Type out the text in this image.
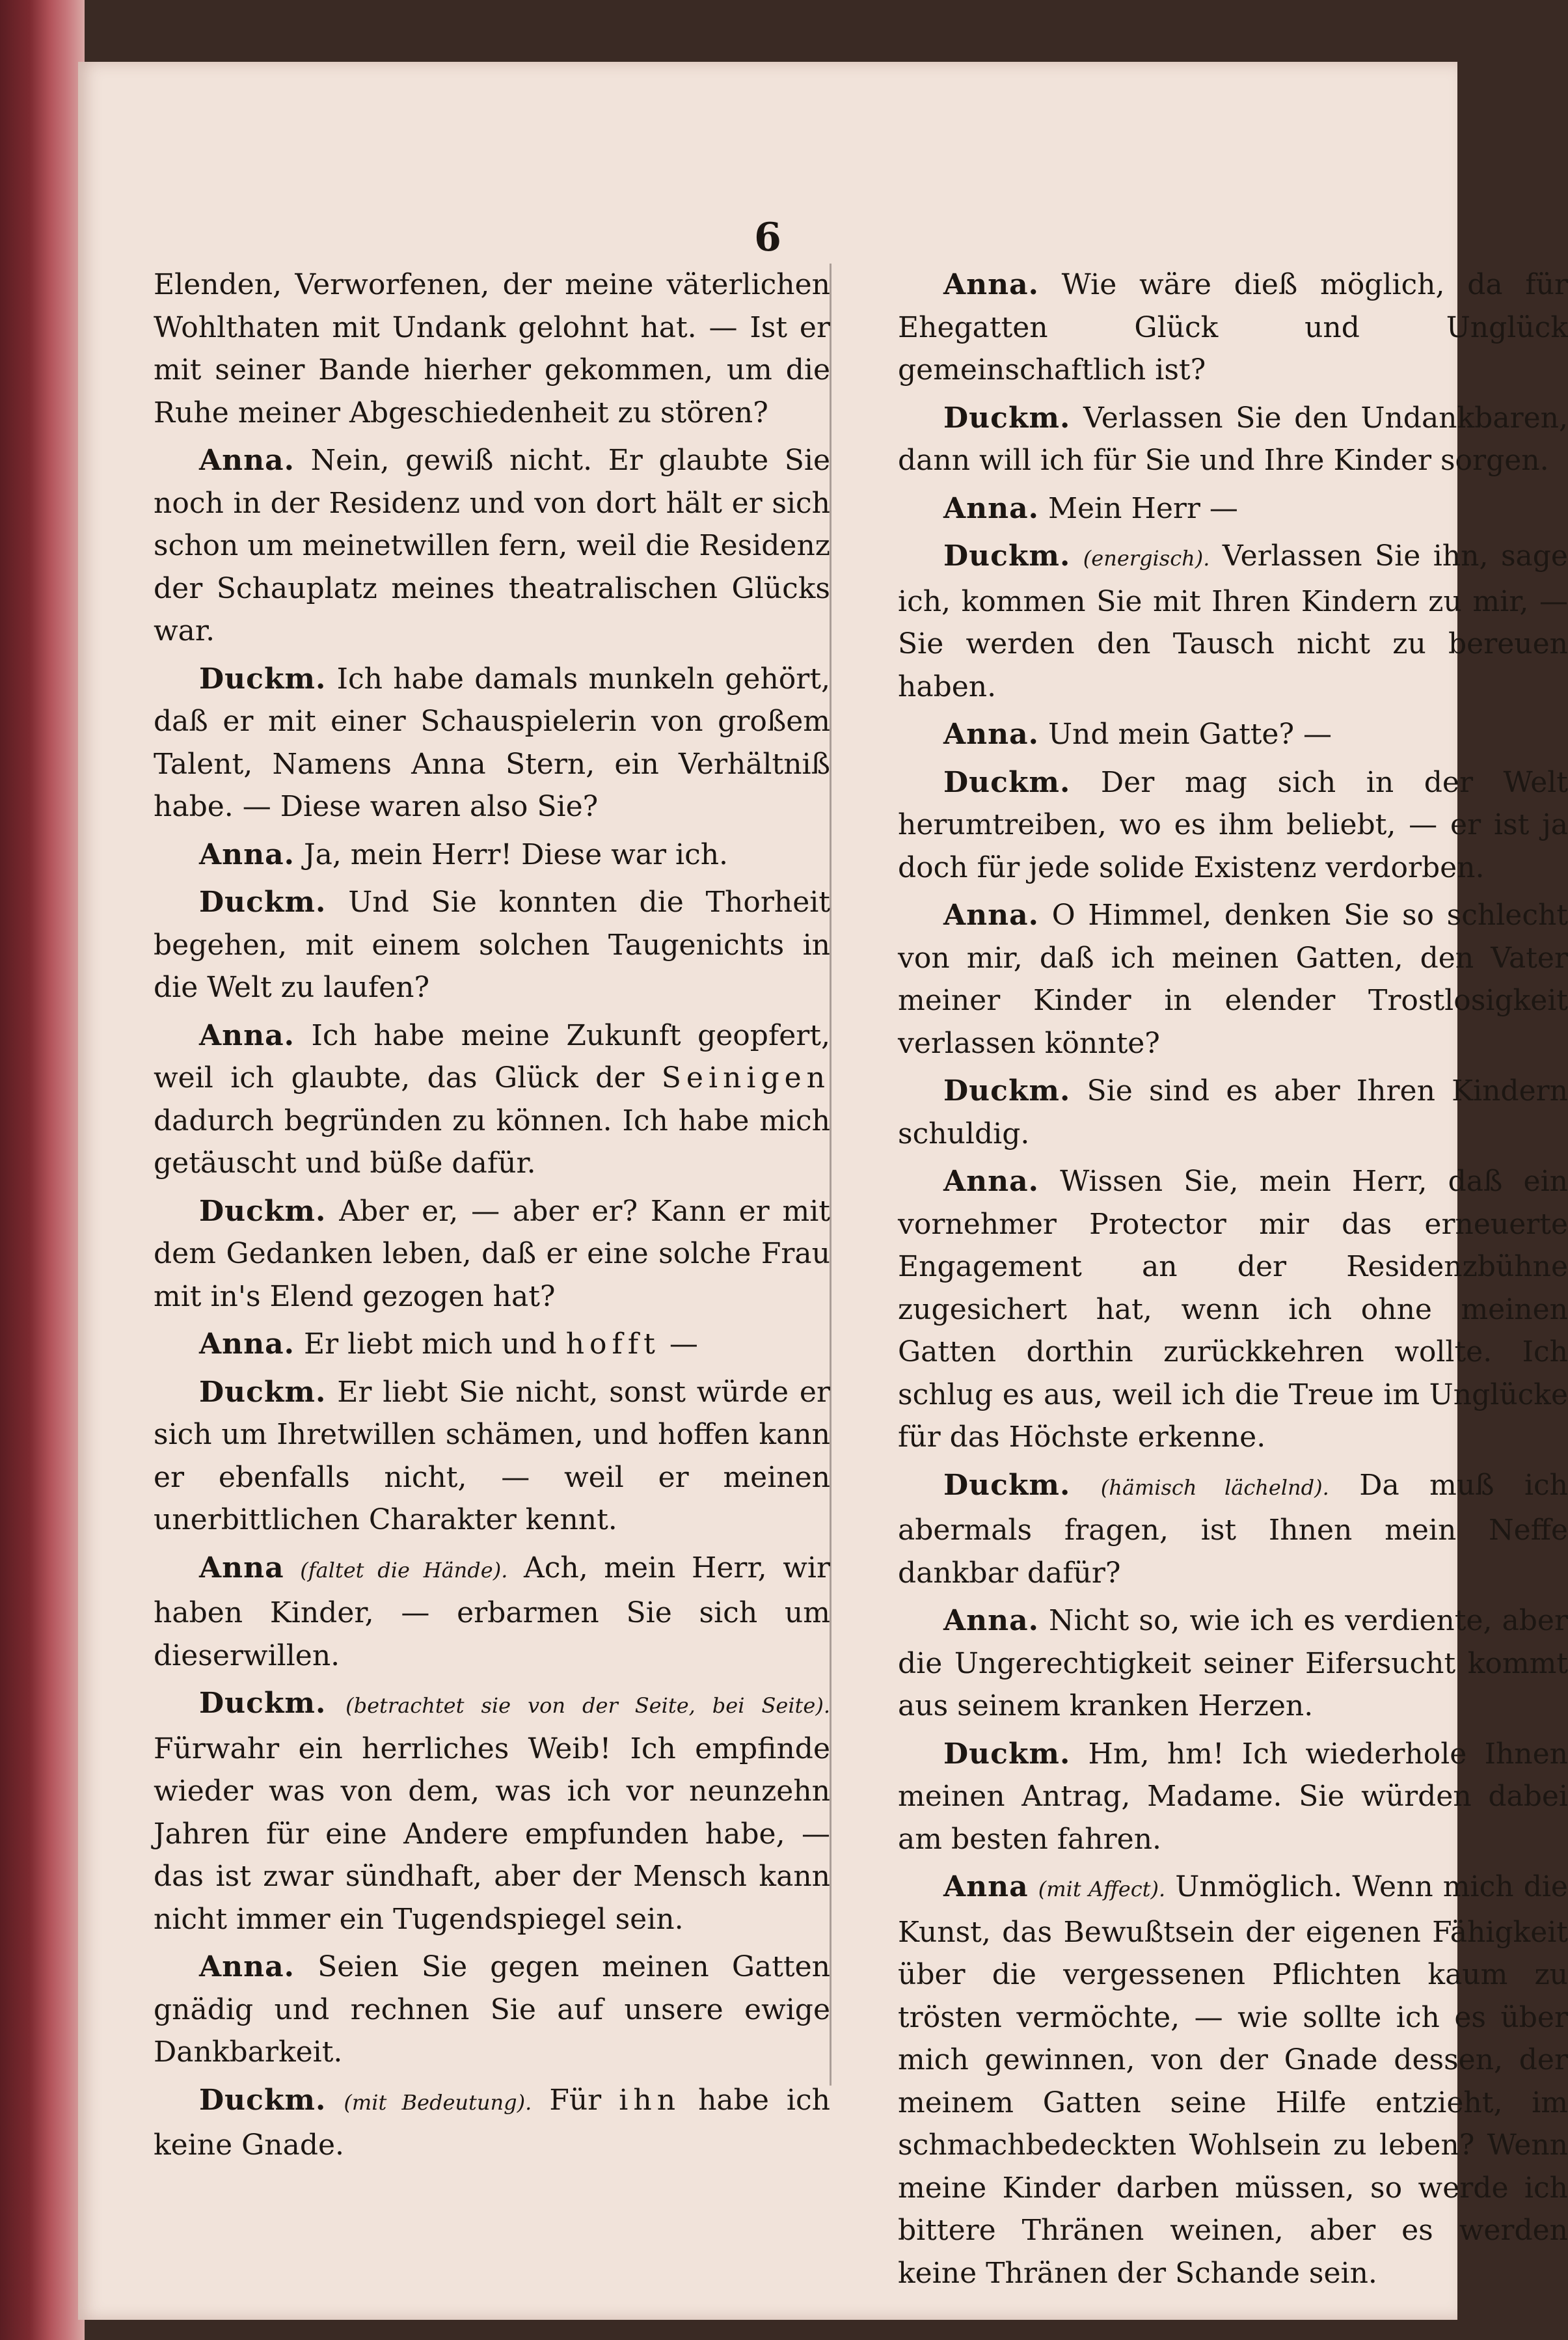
6

Elenden, Verworfenen, der meine väterlichen Wohlthaten mit Undank gelohnt hat. — Ist er mit seiner Bande hierher gekommen, um die Ruhe meiner Abgeschiedenheit zu stören?

Anna. Nein, gewiß nicht. Er glaubte Sie noch in der Residenz und von dort hält er sich schon um meinetwillen fern, weil die Residenz der Schauplatz meines theatralischen Glücks war.

Duckm. Ich habe damals munkeln gehört, daß er mit einer Schauspielerin von großem Talent, Namens Anna Stern, ein Verhältniß habe. — Diese waren also Sie?

Anna. Ja, mein Herr! Diese war ich.

Duckm. Und Sie konnten die Thorheit begehen, mit einem solchen Taugenichts in die Welt zu laufen?

Anna. Ich habe meine Zukunft geopfert, weil ich glaubte, das Glück der Seinigen dadurch begründen zu können. Ich habe mich getäuscht und büße dafür.

Duckm. Aber er, — aber er? Kann er mit dem Gedanken leben, daß er eine solche Frau mit in's Elend gezogen hat?

Anna. Er liebt mich und hofft —

Duckm. Er liebt Sie nicht, sonst würde er sich um Ihretwillen schämen, und hoffen kann er ebenfalls nicht, — weil er meinen unerbittlichen Charakter kennt.

Anna (faltet die Hände). Ach, mein Herr, wir haben Kinder, — erbarmen Sie sich um dieserwillen.

Duckm. (betrachtet sie von der Seite, bei Seite). Fürwahr ein herrliches Weib! Ich empfinde wieder was von dem, was ich vor neunzehn Jahren für eine Andere empfunden habe, — das ist zwar sündhaft, aber der Mensch kann nicht immer ein Tugendspiegel sein.

Anna. Seien Sie gegen meinen Gatten gnädig und rechnen Sie auf unsere ewige Dankbarkeit.

Duckm. (mit Bedeutung). Für ihn habe ich keine Gnade.

Anna. Wie wäre dieß möglich, da für Ehegatten Glück und Unglück gemeinschaftlich ist?

Duckm. Verlassen Sie den Undankbaren, dann will ich für Sie und Ihre Kinder sorgen.

Anna. Mein Herr —

Duckm. (energisch). Verlassen Sie ihn, sage ich, kommen Sie mit Ihren Kindern zu mir, — Sie werden den Tausch nicht zu bereuen haben.

Anna. Und mein Gatte? —

Duckm. Der mag sich in der Welt herumtreiben, wo es ihm beliebt, — er ist ja doch für jede solide Existenz verdorben.

Anna. O Himmel, denken Sie so schlecht von mir, daß ich meinen Gatten, den Vater meiner Kinder in elender Trostlosigkeit verlassen könnte?

Duckm. Sie sind es aber Ihren Kindern schuldig.

Anna. Wissen Sie, mein Herr, daß ein vornehmer Protector mir das erneuerte Engagement an der Residenzbühne zugesichert hat, wenn ich ohne meinen Gatten dorthin zurückkehren wollte. Ich schlug es aus, weil ich die Treue im Unglücke für das Höchste erkenne.

Duckm. (hämisch lächelnd). Da muß ich abermals fragen, ist Ihnen mein Neffe dankbar dafür?

Anna. Nicht so, wie ich es verdiente, aber die Ungerechtigkeit seiner Eifersucht kommt aus seinem kranken Herzen.

Duckm. Hm, hm! Ich wiederhole Ihnen meinen Antrag, Madame. Sie würden dabei am besten fahren.

Anna (mit Affect). Unmöglich. Wenn mich die Kunst, das Bewußtsein der eigenen Fähigkeit über die vergessenen Pflichten kaum zu trösten vermöchte, — wie sollte ich es über mich gewinnen, von der Gnade dessen, der meinem Gatten seine Hilfe entzieht, im schmachbedeckten Wohlsein zu leben? Wenn meine Kinder darben müssen, so werde ich bittere Thränen weinen, aber es werden keine Thränen der Schande sein.
